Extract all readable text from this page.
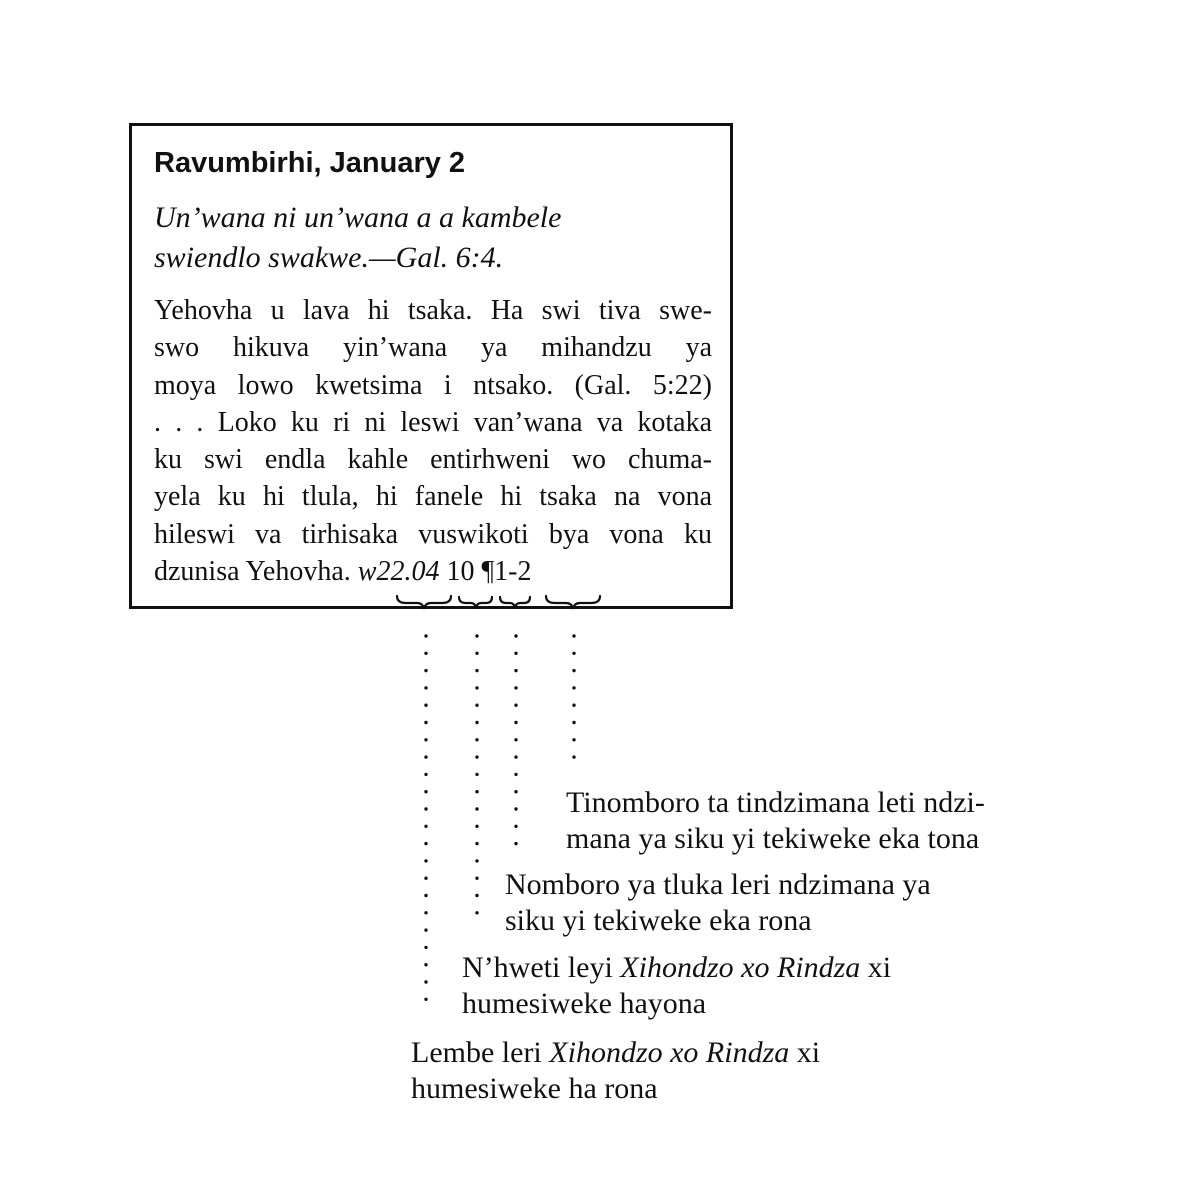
Ravumbirhi, January 2
Un’wana ni un’wana a a kambele
swiendlo swakwe.—Gal. 6:4.
Yehovha u lava hi tsaka. Ha swi tiva swe-
swo hikuva yin’wana ya mihandzu ya
moya lowo kwetsima i ntsako. (Gal. 5:22)
. . . Loko ku ri ni leswi van’wana va kotaka
ku swi endla kahle entirhweni wo chuma-
yela ku hi tlula, hi fanele hi tsaka na vona
hileswi va tirhisaka vuswikoti bya vona ku
dzunisa Yehovha. w22.04 10 ¶1-2
Tinomboro ta tindzimana leti ndzi-
mana ya siku yi tekiweke eka tona
Nomboro ya tluka leri ndzimana ya
siku yi tekiweke eka rona
N’hweti leyi Xihondzo xo Rindza xi
humesiweke hayona
Lembe leri Xihondzo xo Rindza xi
humesiweke ha rona
